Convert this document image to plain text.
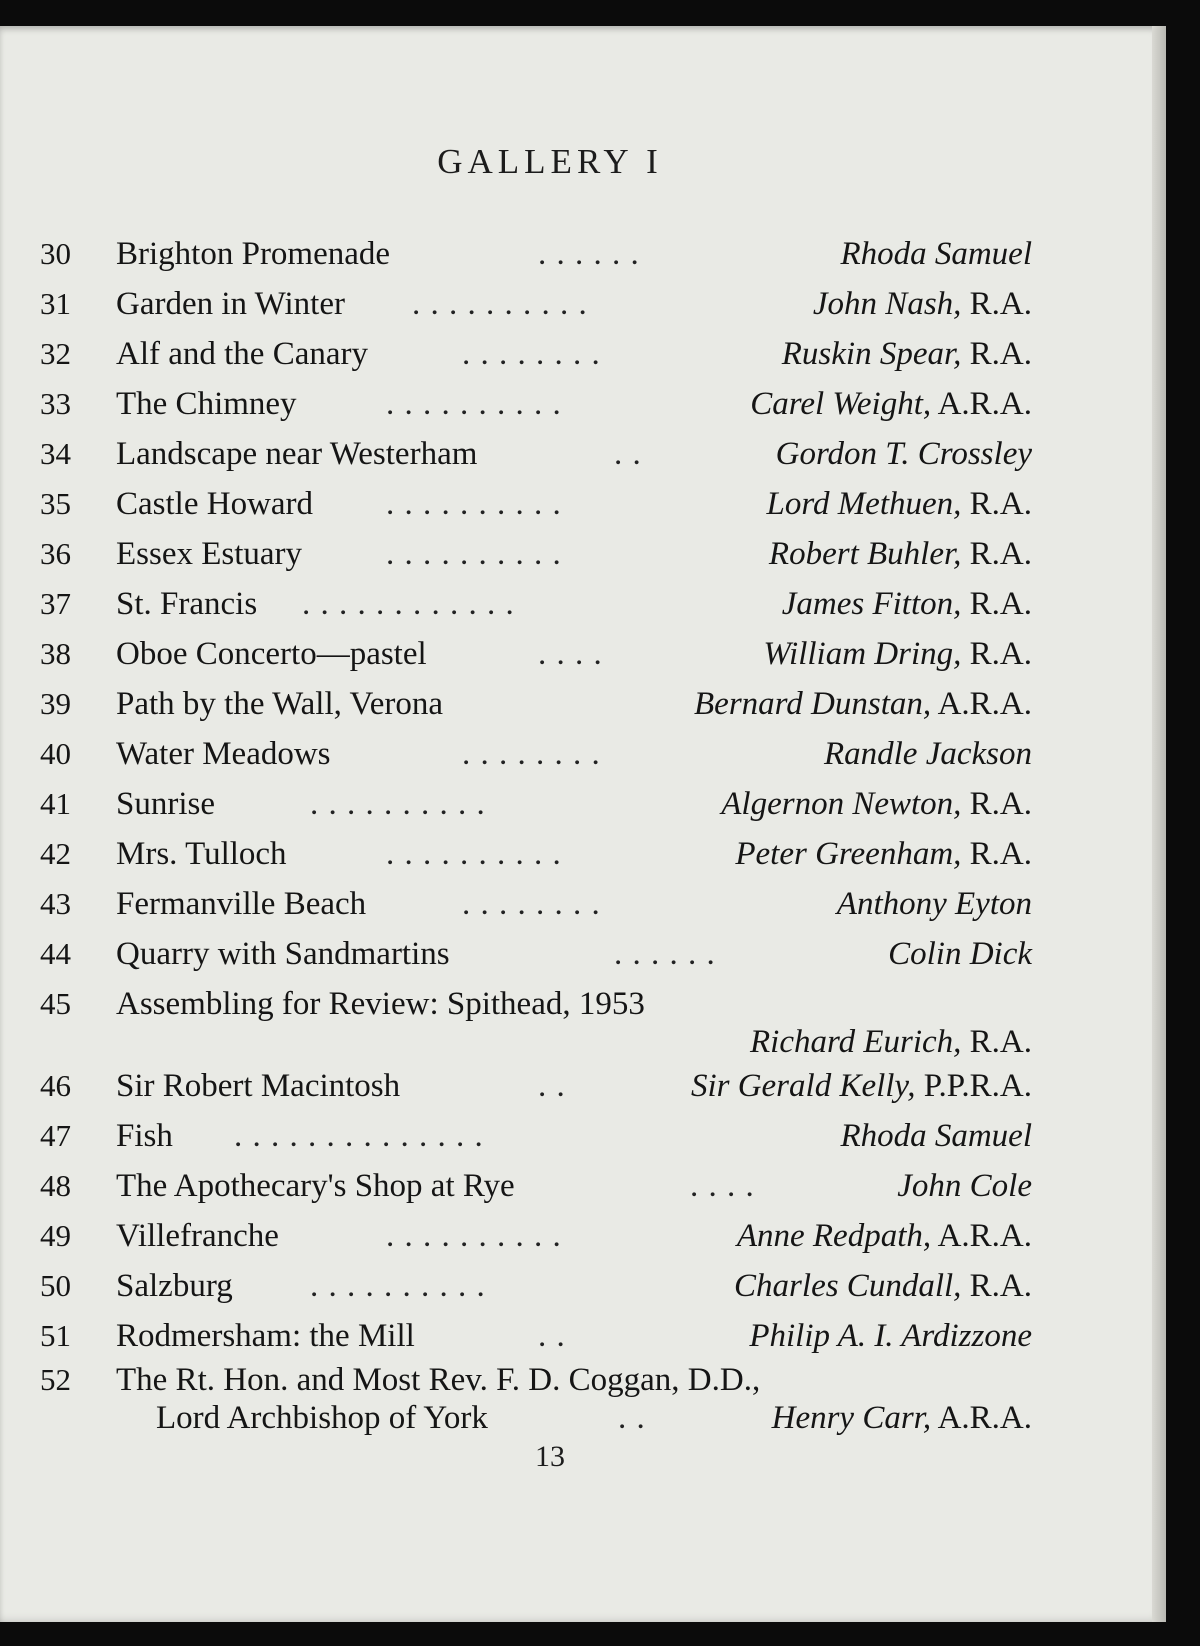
GALLERY I
30	Brighton Promenade	. . . . . .	Rhoda Samuel
31	Garden in Winter . . . . . . . . . .	John Nash, R.A.
32	Alf and the Canary	. . . . . . . .	Ruskin Spear, R.A.
33	The Chimney	. . . . . . . . . .	Carel Weight, A.R.A.
34	Landscape near Westerham	. .	Gordon T. Crossley
35	Castle Howard . . . . . . . . . .	Lord Methuen, R.A.
36	Essex Estuary	. . . . . . . . . .	Robert Buhler, R.A.
37	St. Francis . . . . . . . . . . . .	James Fitton, R.A.
38	Oboe Concerto—pastel	. . . .	William Dring, R.A.
39	Path by the Wall, Verona	Bernard Dunstan, A.R.A.
40	Water Meadows	. . . . . . . .	Randle Jackson
41	Sunrise	. . . . . . . . . .	Algernon Newton, R.A.
42	Mrs. Tulloch	. . . . . . . . . .	Peter Greenham, R.A.
43	Fermanville Beach	. . . . . . . .	Anthony Eyton
44	Quarry with Sandmartins	. . . . . .	Colin Dick
45	Assembling for Review: Spithead, 1953
Richard Eurich, R.A.
46	Sir Robert Macintosh	. .	Sir Gerald Kelly, P.P.R.A.
47	Fish . . . . . . . . . . . . . .	Rhoda Samuel
48	The Apothecary's Shop at Rye	. . . .	John Cole
49	Villefranche	. . . . . . . . . .	Anne Redpath, A.R.A.
50	Salzburg . . . . . . . . . .	Charles Cundall, R.A.
51	Rodmersham: the Mill	. .	Philip A. I. Ardizzone
52	The Rt. Hon. and Most Rev. F. D. Coggan, D.D.,
Lord Archbishop of York	. .	Henry Carr, A.R.A.
13
